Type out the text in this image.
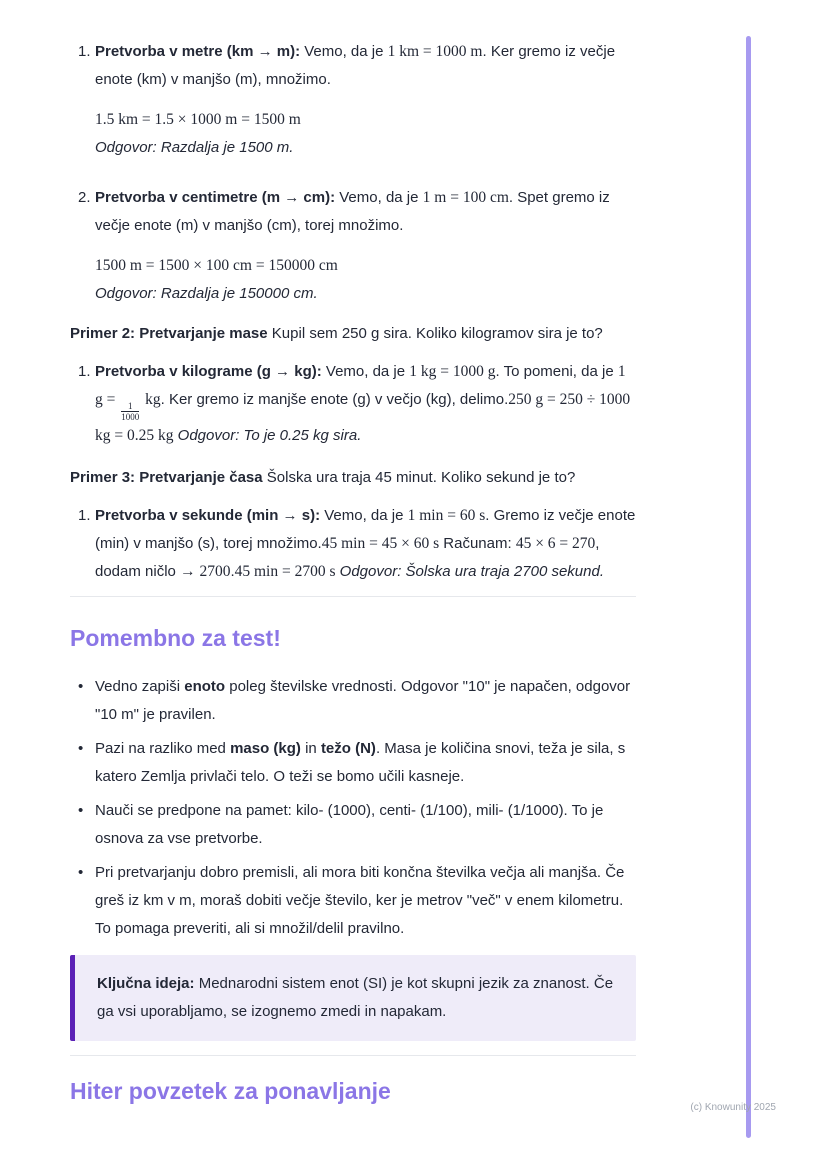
1. Pretvorba v metre (km → m): Vemo, da je 1 km = 1000 m. Ker gremo iz večje enote (km) v manjšo (m), množimo.

1.5 km = 1.5 × 1000 m = 1500 m

Odgovor: Razdalja je 1500 m.

2. Pretvorba v centimetre (m → cm): Vemo, da je 1 m = 100 cm. Spet gremo iz večje enote (m) v manjšo (cm), torej množimo.

1500 m = 1500 × 100 cm = 150000 cm

Odgovor: Razdalja je 150000 cm.

Primer 2: Pretvarjanje mase Kupil sem 250 g sira. Koliko kilogramov sira je to?

1. Pretvorba v kilograme (g → kg): Vemo, da je 1 kg = 1000 g. To pomeni, da je 1 g =
$\frac{1}{1000}$
kg. Ker gremo iz manjše enote (g) v večjo (kg), delimo.250 g = 250 ÷ 1000 kg = 0.25 kg Odgovor: To je 0.25 kg sira.

Primer 3: Pretvarjanje časa Šolska ura traja 45 minut. Koliko sekund je to?

1. Pretvorba v sekunde (min → s): Vemo, da je 1 min = 60 s. Gremo iz večje enote (min) v manjšo (s), torej množimo.45 min = 45 × 60 s Računam: 45 × 6 = 270, dodam ničlo → 2700.45 min = 2700 s Odgovor: Šolska ura traja 2700 sekund.

Pomembno za test!
• Vedno zapiši enoto poleg številske vrednosti. Odgovor "10" je napačen, odgovor "10 m" je pravilen.

• Pazi na razliko med maso (kg) in težo (N). Masa je količina snovi, teža je sila, s katero Zemlja privlači telo. O teži se bomo učili kasneje.

• Nauči se predpone na pamet: kilo- (1000), centi- (1/100), mili- (1/1000). To je osnova za vse pretvorbe.

• Pri pretvarjanju dobro premisli, ali mora biti končna številka večja ali manjša. Če greš iz km v m, moraš dobiti večje število, ker je metrov "več" v enem kilometru. To pomaga preveriti, ali si množil/delil pravilno.

Ključna ideja: Mednarodni sistem enot (SI) je kot skupni jezik za znanost. Če ga vsi uporabljamo, se izognemo zmedi in napakam.

Hiter povzetek za ponavljanje
(c) Knowunity 2025
